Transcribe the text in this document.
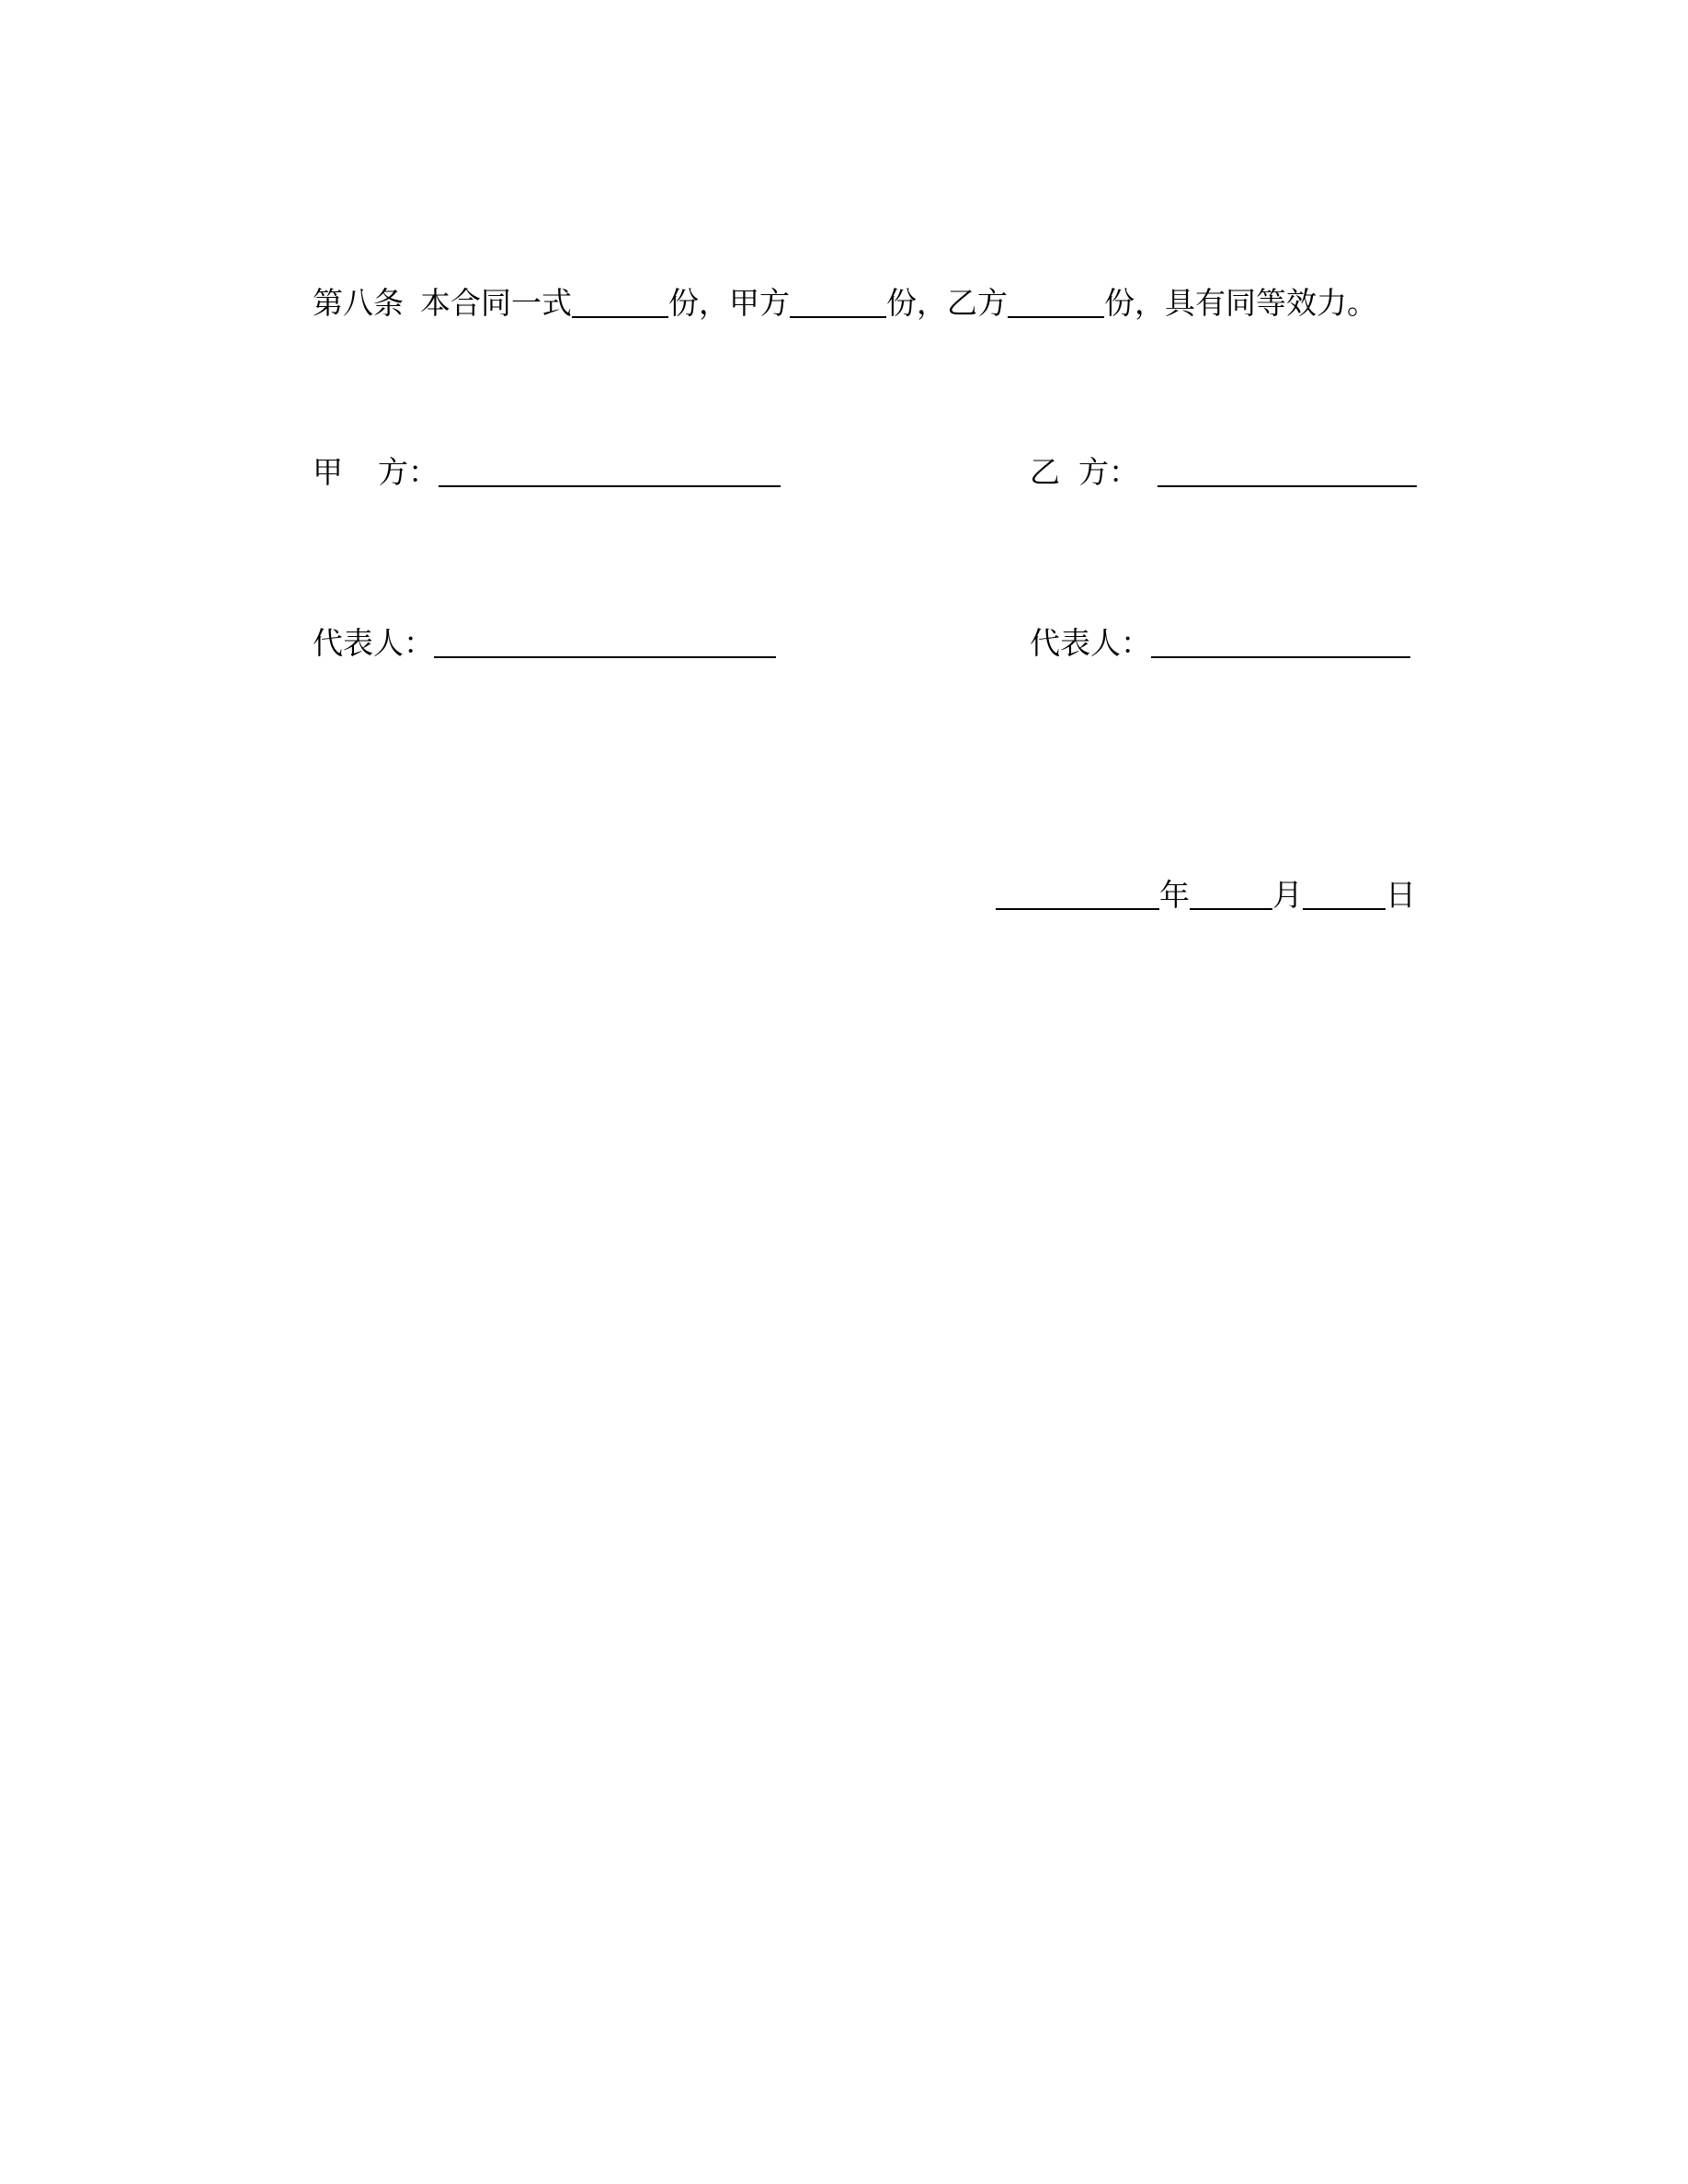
第八条 本合同一式	份，甲方	份，乙方	份，具有同等效力。
甲 方：	乙 方：
代表人：	代表人：
年	月	日
